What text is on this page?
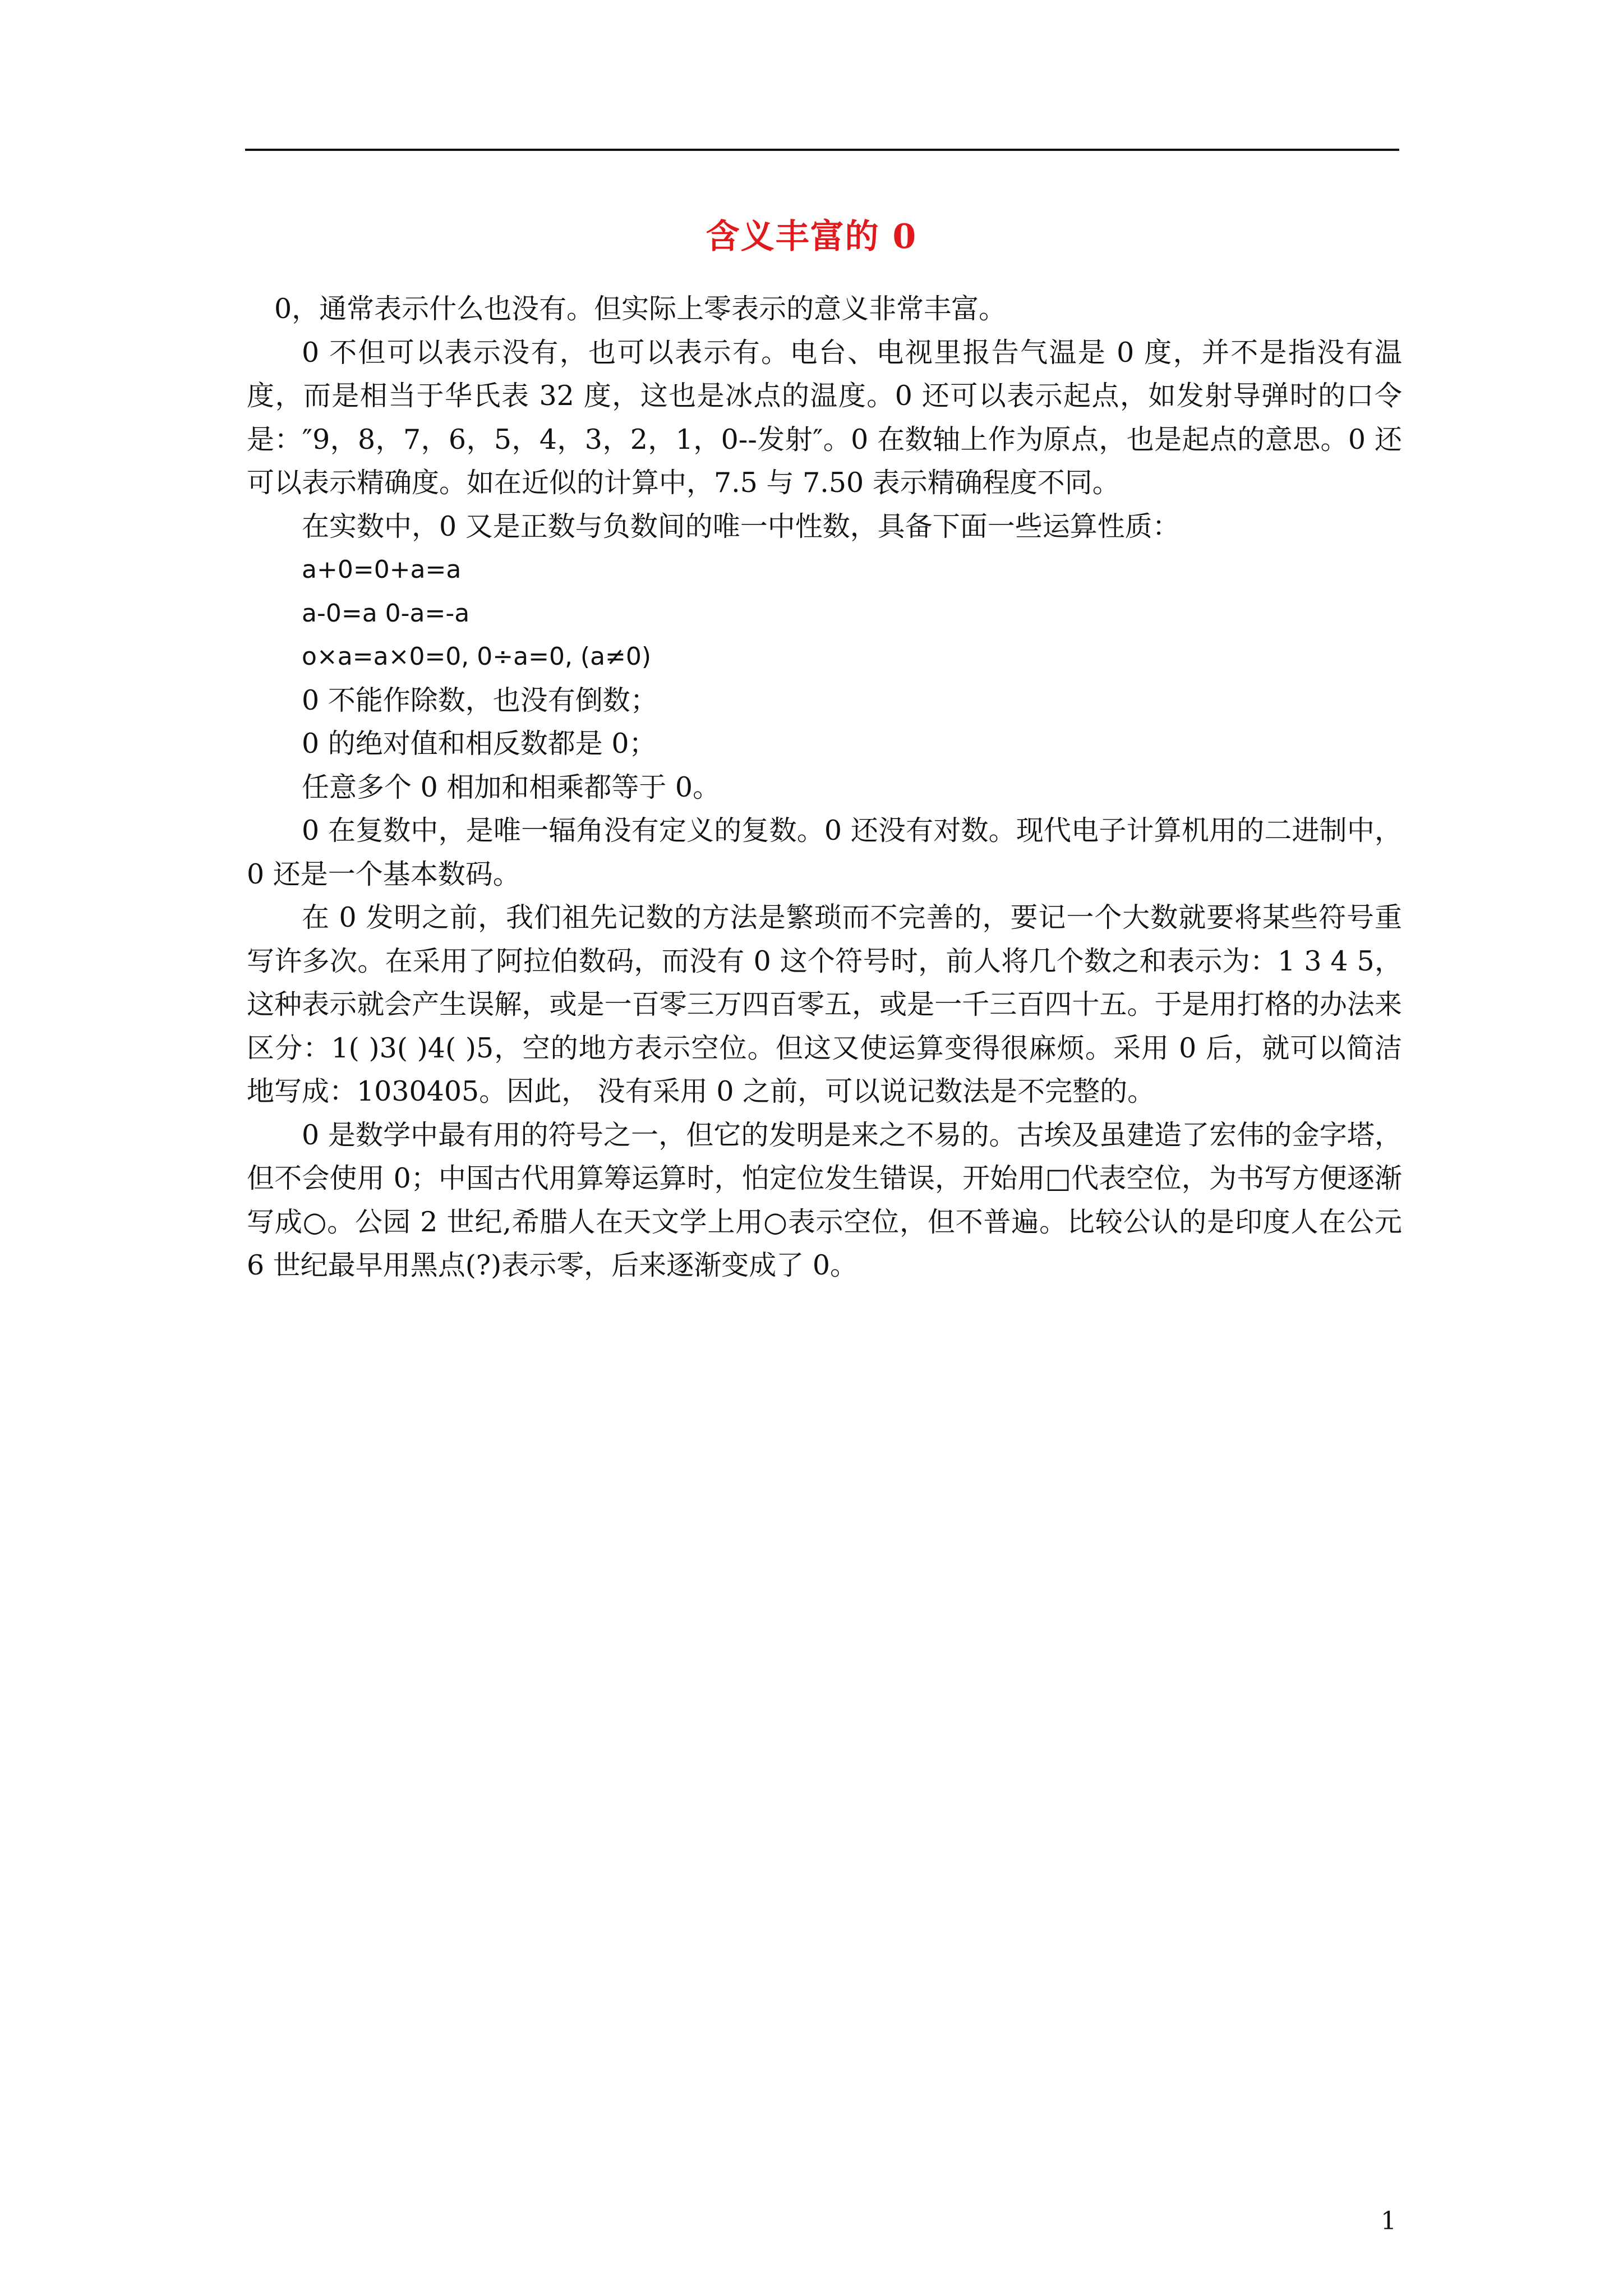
含义丰富的 0

0，通常表示什么也没有。但实际上零表示的意义非常丰富。

0 不但可以表示没有，也可以表示有。电台、电视里报告气温是 0 度，并不是指没有温度，而是相当于华氏表 32 度，这也是冰点的温度。0 还可以表示起点，如发射导弹时的口令是：″9，8，7，6，5，4，3，2，1，0--发射″。0 在数轴上作为原点，也是起点的意思。0 还可以表示精确度。如在近似的计算中，7.5 与 7.50 表示精确程度不同。

在实数中，0 又是正数与负数间的唯一中性数，具备下面一些运算性质：

a+0=0+a=a

a-0=a 0-a=-a

o×a=a×0=0, 0÷a=0, (a≠0)

0 不能作除数，也没有倒数；

0 的绝对值和相反数都是 0；

任意多个 0 相加和相乘都等于 0。

0 在复数中，是唯一辐角没有定义的复数。0 还没有对数。现代电子计算机用的二进制中，0 还是一个基本数码。

在 0 发明之前，我们祖先记数的方法是繁琐而不完善的，要记一个大数就要将某些符号重写许多次。在采用了阿拉伯数码，而没有 0 这个符号时，前人将几个数之和表示为：1 3 4 5，这种表示就会产生误解，或是一百零三万四百零五，或是一千三百四十五。于是用打格的办法来区分：1( )3( )4( )5，空的地方表示空位。但这又使运算变得很麻烦。采用 0 后，就可以简洁地写成：1030405。因此， 没有采用 0 之前，可以说记数法是不完整的。

0 是数学中最有用的符号之一，但它的发明是来之不易的。古埃及虽建造了宏伟的金字塔，但不会使用 0；中国古代用算筹运算时，怕定位发生错误，开始用□代表空位，为书写方便逐渐写成○。公园 2 世纪,希腊人在天文学上用○表示空位，但不普遍。比较公认的是印度人在公元 6 世纪最早用黑点(?)表示零，后来逐渐变成了 0。

1
